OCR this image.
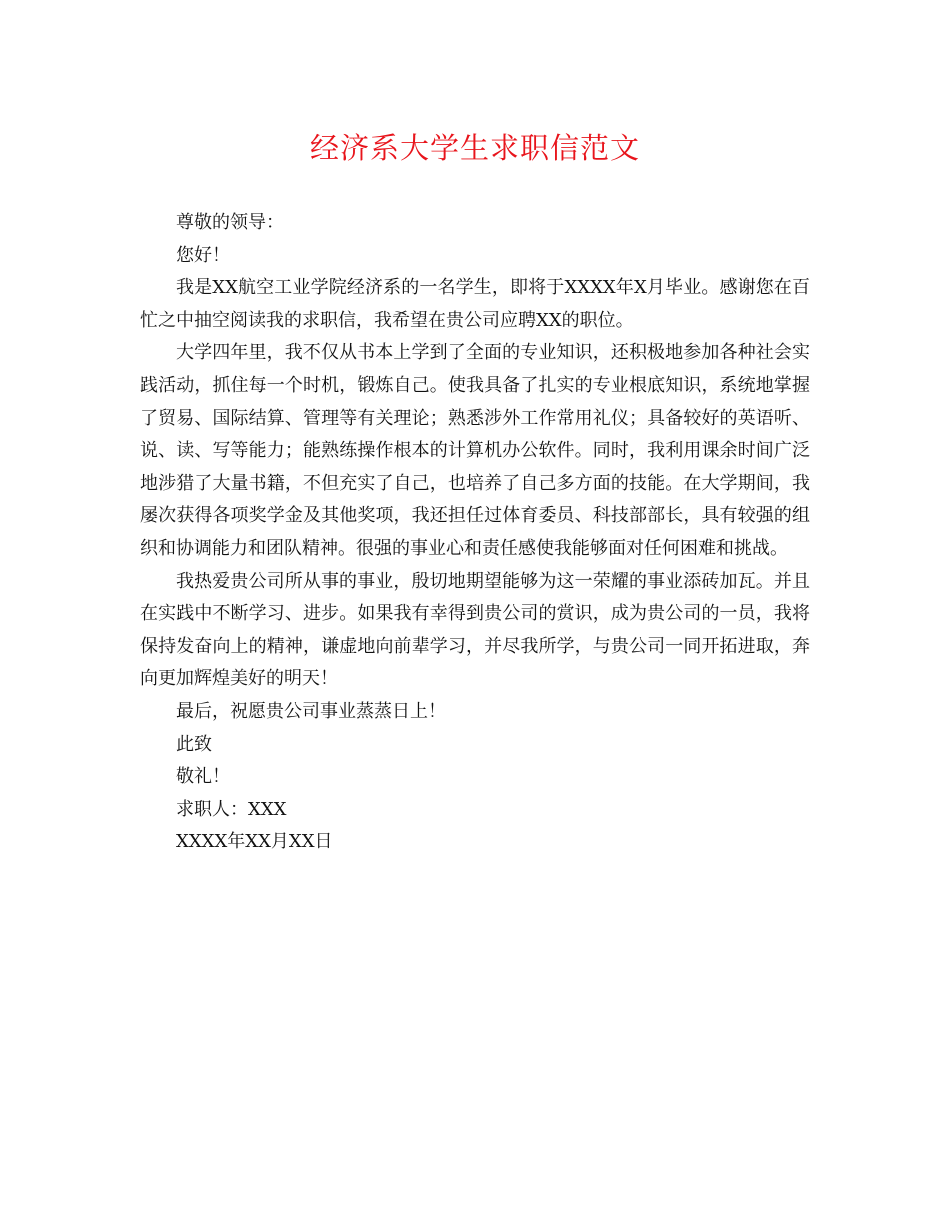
经济系大学生求职信范文

尊敬的领导：

您好！

我是XX航空工业学院经济系的一名学生，即将于XXXX年X月毕业。感谢您在百忙之中抽空阅读我的求职信，我希望在贵公司应聘XX的职位。

大学四年里，我不仅从书本上学到了全面的专业知识，还积极地参加各种社会实践活动，抓住每一个时机，锻炼自己。使我具备了扎实的专业根底知识，系统地掌握了贸易、国际结算、管理等有关理论；熟悉涉外工作常用礼仪；具备较好的英语听、说、读、写等能力；能熟练操作根本的计算机办公软件。同时，我利用课余时间广泛地涉猎了大量书籍，不但充实了自己，也培养了自己多方面的技能。在大学期间，我屡次获得各项奖学金及其他奖项，我还担任过体育委员、科技部部长，具有较强的组织和协调能力和团队精神。很强的事业心和责任感使我能够面对任何困难和挑战。

我热爱贵公司所从事的事业，殷切地期望能够为这一荣耀的事业添砖加瓦。并且在实践中不断学习、进步。如果我有幸得到贵公司的赏识，成为贵公司的一员，我将保持发奋向上的精神，谦虚地向前辈学习，并尽我所学，与贵公司一同开拓进取，奔向更加辉煌美好的明天！

最后，祝愿贵公司事业蒸蒸日上！

此致

敬礼！

求职人：XXX

XXXX年XX月XX日
